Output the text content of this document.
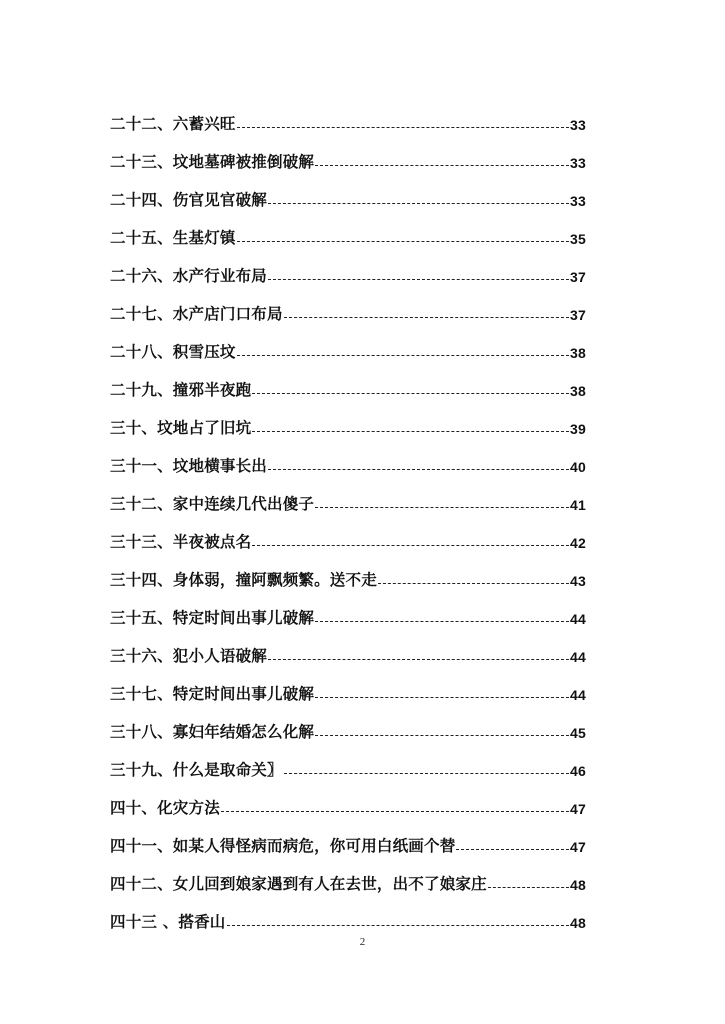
二十二、六蓄兴旺	33
二十三、坟地墓碑被推倒破解	33
二十四、伤官见官破解	33
二十五、生基灯镇	35
二十六、水产行业布局	37
二十七、水产店门口布局	37
二十八、积雪压坟	38
二十九、撞邪半夜跑	38
三十、坟地占了旧坑	39
三十一、坟地横事长出	40
三十二、家中连续几代出傻子	41
三十三、半夜被点名	42
三十四、身体弱，撞阿飘频繁。送不走	43
三十五、特定时间出事儿破解	44
三十六、犯小人语破解	44
三十七、特定时间出事儿破解	44
三十八、寡妇年结婚怎么化解	45
三十九、什么是取命关〗	46
四十、化灾方法	47
四十一、如某人得怪病而病危，你可用白纸画个替	47
四十二、女儿回到娘家遇到有人在去世，出不了娘家庄	48
四十三 、搭香山	48
2
